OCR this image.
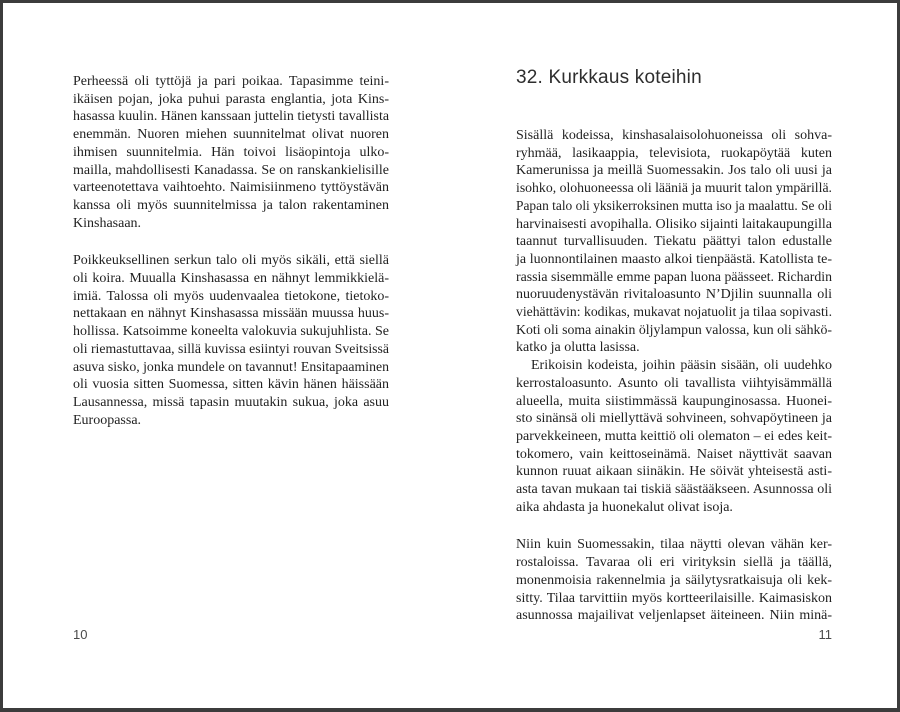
Perheessä oli tyttöjä ja pari poikaa. Tapasimme teini-
ikäisen pojan, joka puhui parasta englantia, jota Kins-
hasassa kuulin. Hänen kanssaan juttelin tietysti tavallista
enemmän. Nuoren miehen suunnitelmat olivat nuoren
ihmisen suunnitelmia. Hän toivoi lisäopintoja ulko-
mailla, mahdollisesti Kanadassa. Se on ranskankielisille
varteenotettava vaihtoehto. Naimisiinmeno tyttöystävän
kanssa oli myös suunnitelmissa ja talon rakentaminen
Kinshasaan.
Poikkeuksellinen serkun talo oli myös sikäli, että siellä
oli koira. Muualla Kinshasassa en nähnyt lemmikkielä-
imiä. Talossa oli myös uudenvaalea tietokone, tietoko-
nettakaan en nähnyt Kinshasassa missään muussa huus-
hollissa. Katsoimme koneelta valokuvia sukujuhlista. Se
oli riemastuttavaa, sillä kuvissa esiintyi rouvan Sveitsissä
asuva sisko, jonka mundele on tavannut! Ensitapaaminen
oli vuosia sitten Suomessa, sitten kävin hänen häissään
Lausannessa, missä tapasin muutakin sukua, joka asuu
Euroopassa.
32. Kurkkaus koteihin
Sisällä kodeissa, kinshasalaisolohuoneissa oli sohva-
ryhmää, lasikaappia, televisiota, ruokapöytää kuten
Kamerunissa ja meillä Suomessakin. Jos talo oli uusi ja
isohko, olohuoneessa oli lääniä ja muurit talon ympärillä.
Papan talo oli yksikerroksinen mutta iso ja maalattu. Se oli
harvinaisesti avopihalla. Olisiko sijainti laitakaupungilla
taannut turvallisuuden. Tiekatu päättyi talon edustalle
ja luonnontilainen maasto alkoi tienpäästä. Katollista te-
rassia sisemmälle emme papan luona päässeet. Richardin
nuoruudenystävän rivitaloasunto N’Djilin suunnalla oli
viehättävin: kodikas, mukavat nojatuolit ja tilaa sopivasti.
Koti oli soma ainakin öljylampun valossa, kun oli sähkö-
katko ja olutta lasissa.
Erikoisin kodeista, joihin pääsin sisään, oli uudehko
kerrostaloasunto. Asunto oli tavallista viihtyisämmällä
alueella, muita siistimmässä kaupunginosassa. Huonei-
sto sinänsä oli miellyttävä sohvineen, sohvapöytineen ja
parvekkeineen, mutta keittiö oli olematon – ei edes keit-
tokomero, vain keittoseinämä. Naiset näyttivät saavan
kunnon ruuat aikaan siinäkin. He söivät yhteisestä asti-
asta tavan mukaan tai tiskiä säästääkseen. Asunnossa oli
aika ahdasta ja huonekalut olivat isoja.
Niin kuin Suomessakin, tilaa näytti olevan vähän ker-
rostaloissa. Tavaraa oli eri virityksin siellä ja täällä,
monenmoisia rakennelmia ja säilytysratkaisuja oli kek-
sitty. Tilaa tarvittiin myös kortteerilaisille. Kaimasiskon
asunnossa majailivat veljenlapset äiteineen. Niin minä-
10	11
